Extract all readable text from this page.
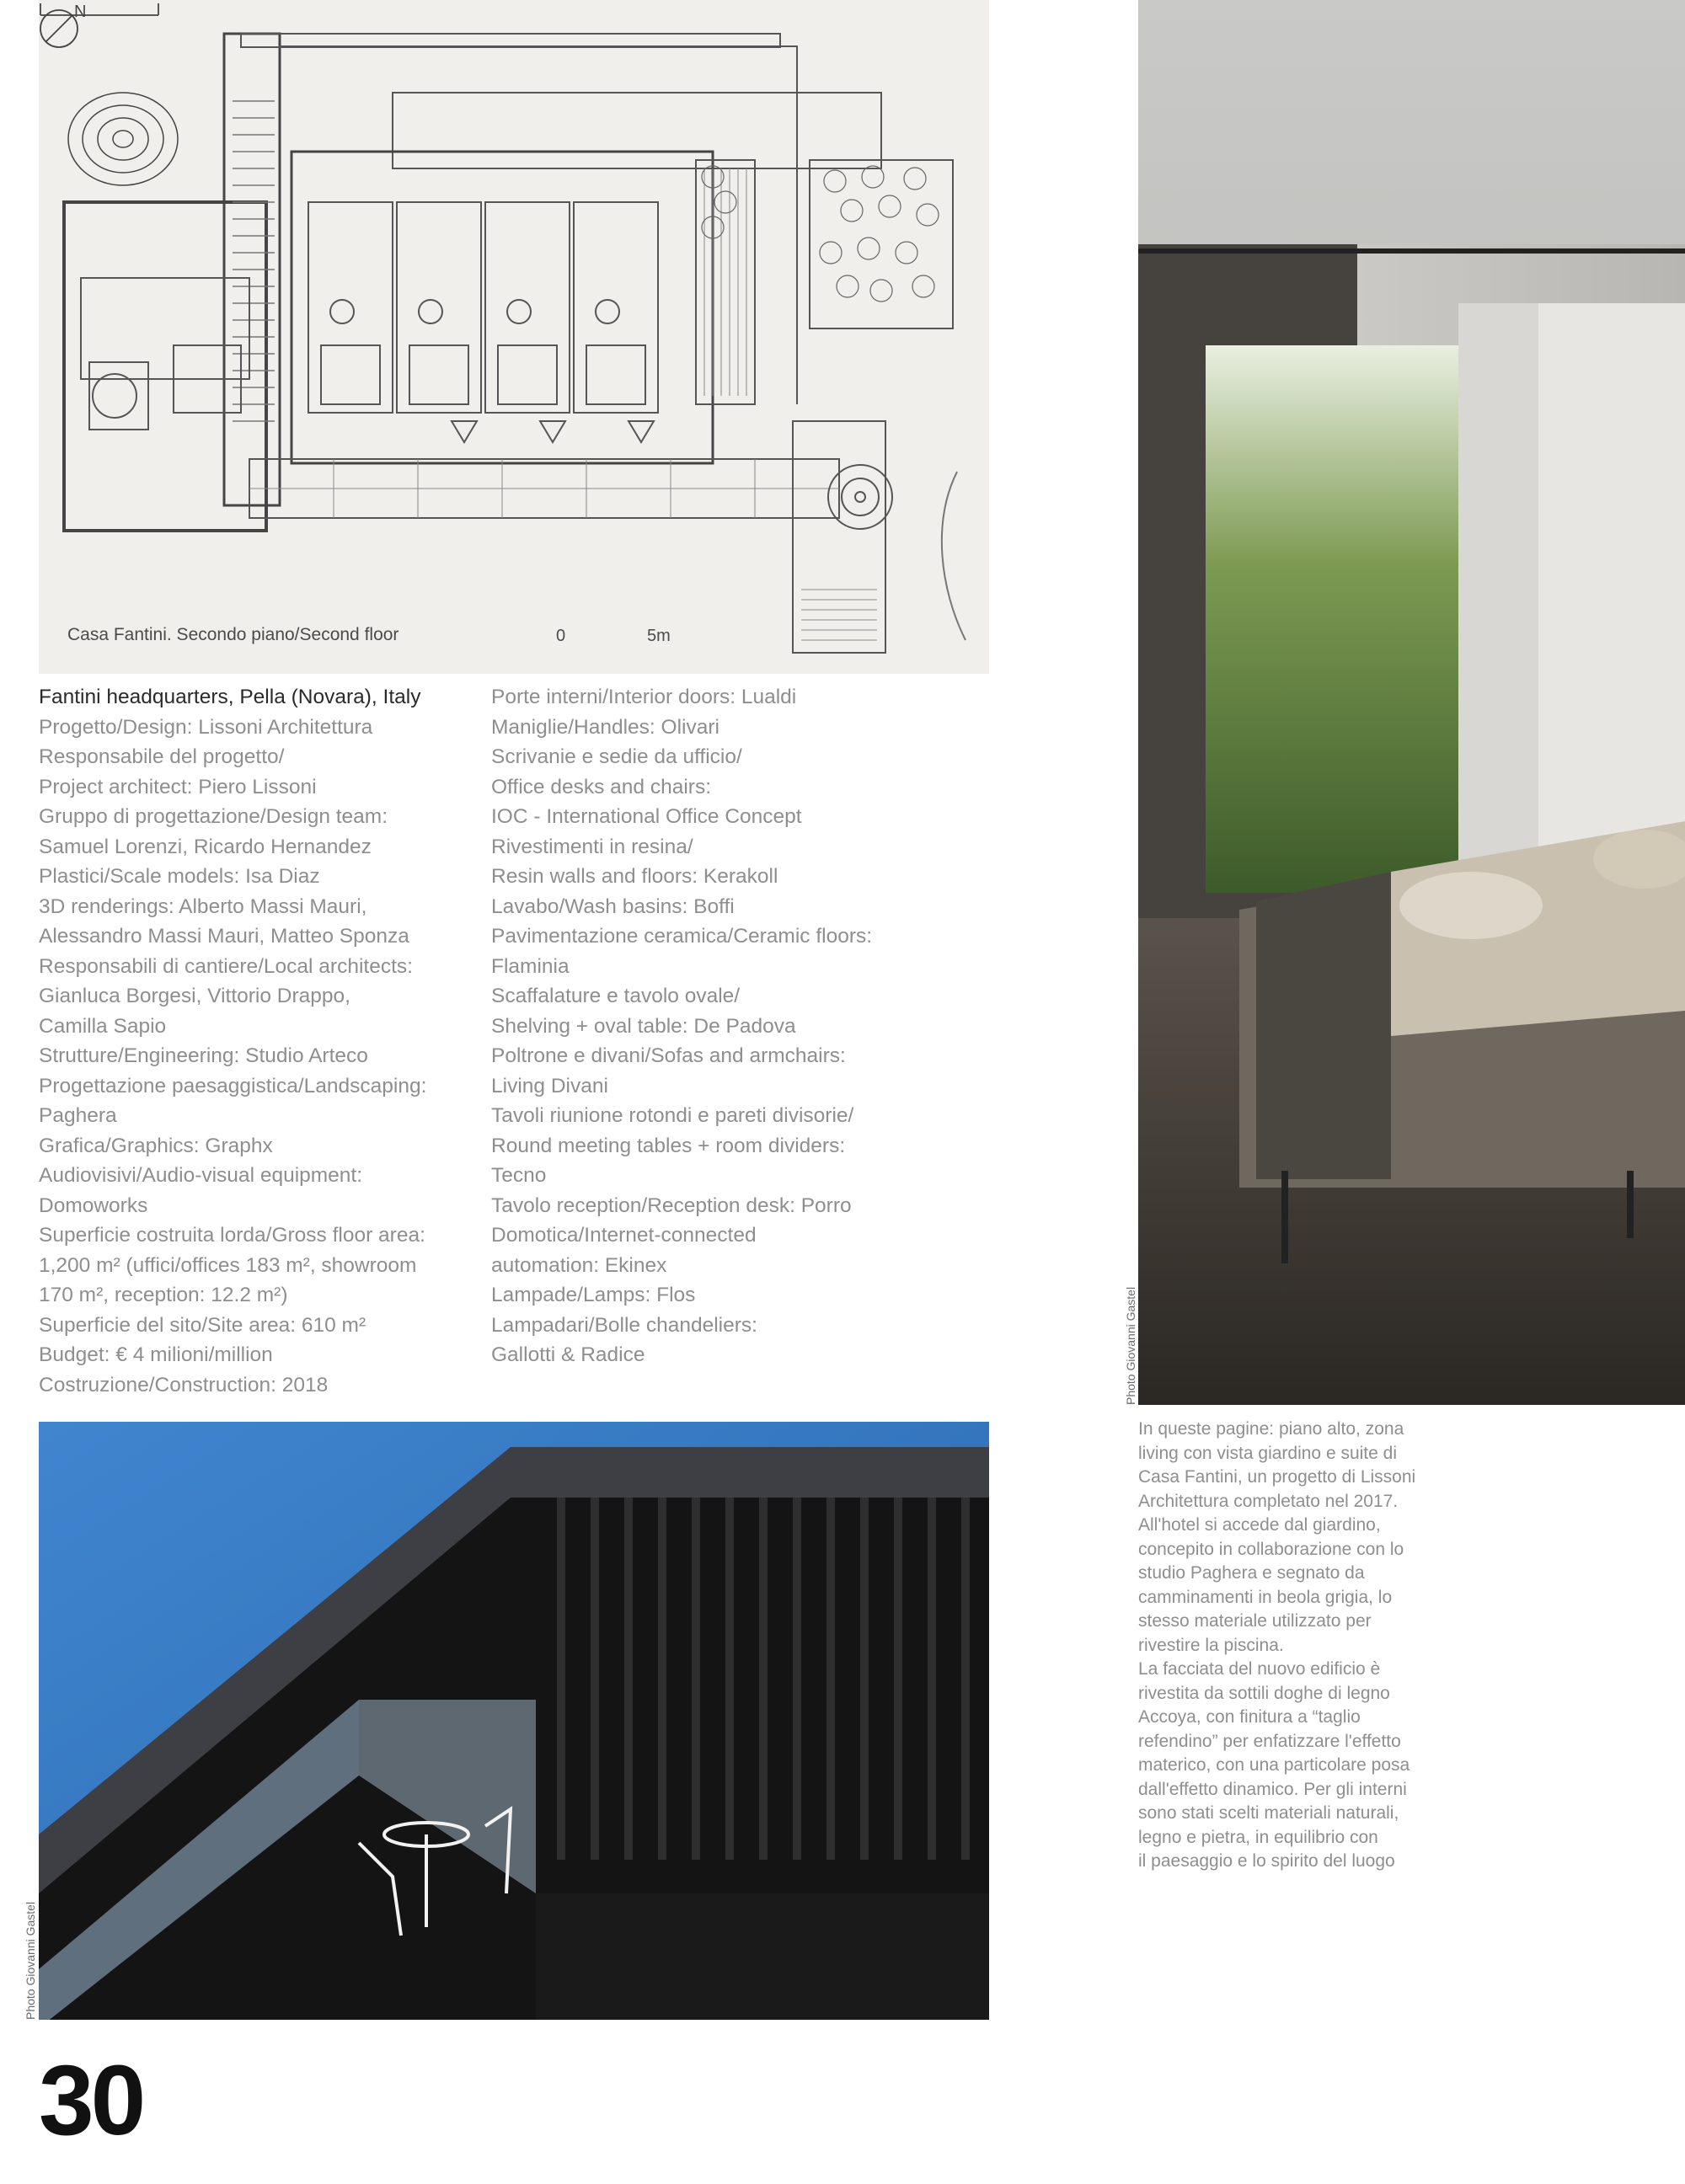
Casa Fantini. Secondo piano/Second floor
N
0	5m
Fantini headquarters, Pella (Novara), Italy
Progetto/Design: Lissoni Architettura
Responsabile del progetto/
Project architect: Piero Lissoni
Gruppo di progettazione/Design team:
Samuel Lorenzi, Ricardo Hernandez
Plastici/Scale models: Isa Diaz
3D renderings: Alberto Massi Mauri,
Alessandro Massi Mauri, Matteo Sponza
Responsabili di cantiere/Local architects:
Gianluca Borgesi, Vittorio Drappo,
Camilla Sapio
Strutture/Engineering: Studio Arteco
Progettazione paesaggistica/Landscaping:
Paghera
Grafica/Graphics: Graphx
Audiovisivi/Audio-visual equipment:
Domoworks
Superficie costruita lorda/Gross floor area:
1,200 m² (uffici/offices 183 m², showroom
170 m², reception: 12.2 m²)
Superficie del sito/Site area: 610 m²
Budget: € 4 milioni/million
Costruzione/Construction: 2018
Porte interni/Interior doors: Lualdi
Maniglie/Handles: Olivari
Scrivanie e sedie da ufficio/
Office desks and chairs:
IOC - International Office Concept
Rivestimenti in resina/
Resin walls and floors: Kerakoll
Lavabo/Wash basins: Boffi
Pavimentazione ceramica/Ceramic floors:
Flaminia
Scaffalature e tavolo ovale/
Shelving + oval table: De Padova
Poltrone e divani/Sofas and armchairs:
Living Divani
Tavoli riunione rotondi e pareti divisorie/
Round meeting tables + room dividers:
Tecno
Tavolo reception/Reception desk: Porro
Domotica/Internet-connected
automation: Ekinex
Lampade/Lamps: Flos
Lampadari/Bolle chandeliers:
Gallotti & Radice	Photo Giovanni Gastel
Photo Giovanni Gastel

In queste pagine: piano alto, zona

living con vista giardino e suite di

Casa Fantini, un progetto di Lissoni

Architettura completato nel 2017.

All'hotel si accede dal giardino,

concepito in collaborazione con lo

studio Paghera e segnato da

camminamenti in beola grigia, lo

stesso materiale utilizzato per

rivestire la piscina.

La facciata del nuovo edificio è

rivestita da sottili doghe di legno

Accoya, con finitura a “taglio

refendino” per enfatizzare l'effetto

materico, con una particolare posa

dall'effetto dinamico. Per gli interni

sono stati scelti materiali naturali,

legno e pietra, in equilibrio con

il paesaggio e lo spirito del luogo

30
